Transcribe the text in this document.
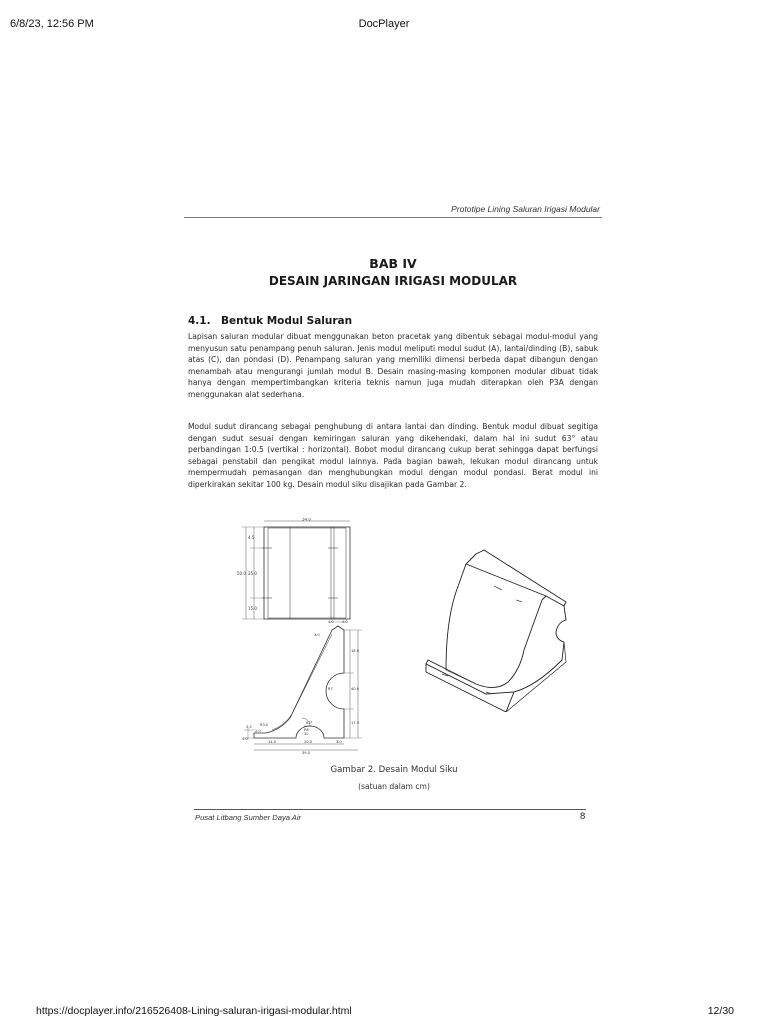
6/8/23, 12:56 PM	DocPlayer
Prototipe Lining Saluran Irigasi Modular
BAB IV
DESAIN JARINGAN IRIGASI MODULAR
4.1. Bentuk Modul Saluran

Lapisan saluran modular dibuat menggunakan beton pracetak yang dibentuk sebagai modul-modul yang menyusun satu penampang penuh saluran. Jenis modul meliputi modul sudut (A), lantai/dinding (B), sabuk atas (C), dan pondasi (D). Penampang saluran yang memiliki dimensi berbeda dapat dibangun dengan menambah atau mengurangi jumlah modul B. Desain masing-masing komponen modular dibuat tidak hanya dengan mempertimbangkan kriteria teknis namun juga mudah diterapkan oleh P3A dengan menggunakan alat sederhana.

Modul sudut dirancang sebagai penghubung di antara lantai dan dinding. Bentuk modul dibuat segitiga dengan sudut sesuai dengan kemiringan saluran yang dikehendaki, dalam hal ini sudut 63° atau perbandingan 1:0.5 (vertikal : horizontal). Bobot modul dirancang cukup berat sehingga dapat berfungsi sebagai penstabil dan pengikat modul lainnya. Pada bagian bawah, lekukan modul dirancang untuk mempermudah pemasangan dan menghubungkan modul dengan modul pondasi. Berat modul ini diperkirakan sekitar 100 kg. Desain modul siku disajikan pada Gambar 2.

34.0
50.0
4.5
25.0
15.0
4.0 4.0
3.0
18.0
40.0
17.5
R7
63°
R3.0
3.5
2.0
4.0
14.5	20.0	3.0
39.0
R8
10
Gambar 2. Desain Modul Siku
(satuan dalam cm)
Pusat Litbang Sumber Daya Air	8
https://docplayer.info/216526408-Lining-saluran-irigasi-modular.html	12/30
